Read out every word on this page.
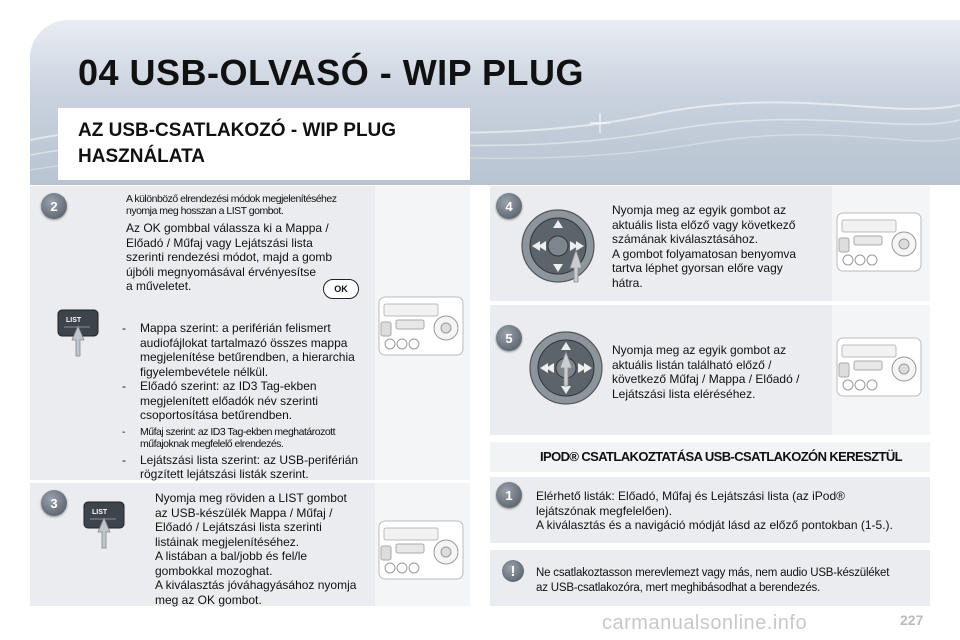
04 USB-OLVASÓ - WIP PLUG
AZ USB-CSATLAKOZÓ - WIP PLUG
HASZNÁLATA
2	A különböző elrendezési módok megjelenítéséhez
nyomja meg hosszan a LIST gombot.
Az OK gombbal válassza ki a Mappa /
Előadó / Műfaj vagy Lejátszási lista
szerinti rendezési módot, majd a gomb
újbóli megnyomásával érvényesítse
a műveletet.	OK
LIST
- Mappa szerint: a periférián felismert
audiofájlokat tartalmazó összes mappa
megjelenítése betűrendben, a hierarchia
figyelembevétele nélkül.
- Előadó szerint: az ID3 Tag-ekben
megjelenített előadók név szerinti
csoportosítása betűrendben.
- Műfaj szerint: az ID3 Tag-ekben meghatározott
műfajoknak megfelelő elrendezés.
- Lejátszási lista szerint: az USB-periférián
rögzített lejátszási listák szerint.
3
LIST
Nyomja meg röviden a LIST gombot
az USB-készülék Mappa / Műfaj /
Előadó / Lejátszási lista szerinti
listáinak megjelenítéséhez.
A listában a bal/jobb és fel/le
gombokkal mozoghat.
A kiválasztás jóváhagyásához nyomja
meg az OK gombot.
4	Nyomja meg az egyik gombot az
aktuális lista előző vagy következő
számának kiválasztásához.
A gombot folyamatosan benyomva
tartva léphet gyorsan előre vagy
hátra.
5
Nyomja meg az egyik gombot az
aktuális listán található előző /
következő Műfaj / Mappa / Előadó /
Lejátszási lista eléréséhez.
IPOD® CSATLAKOZTATÁSA USB-CSATLAKOZÓN KERESZTÜL
1	Elérhető listák: Előadó, Műfaj és Lejátszási lista (az iPod®
lejátszónak megfelelően).
A kiválasztás és a navigáció módját lásd az előző pontokban (1-5.).
!	Ne csatlakoztasson merevlemezt vagy más, nem audio USB-készüléket
az USB-csatlakozóra, mert meghibásodhat a berendezés.
carmanualsonline.info	227
